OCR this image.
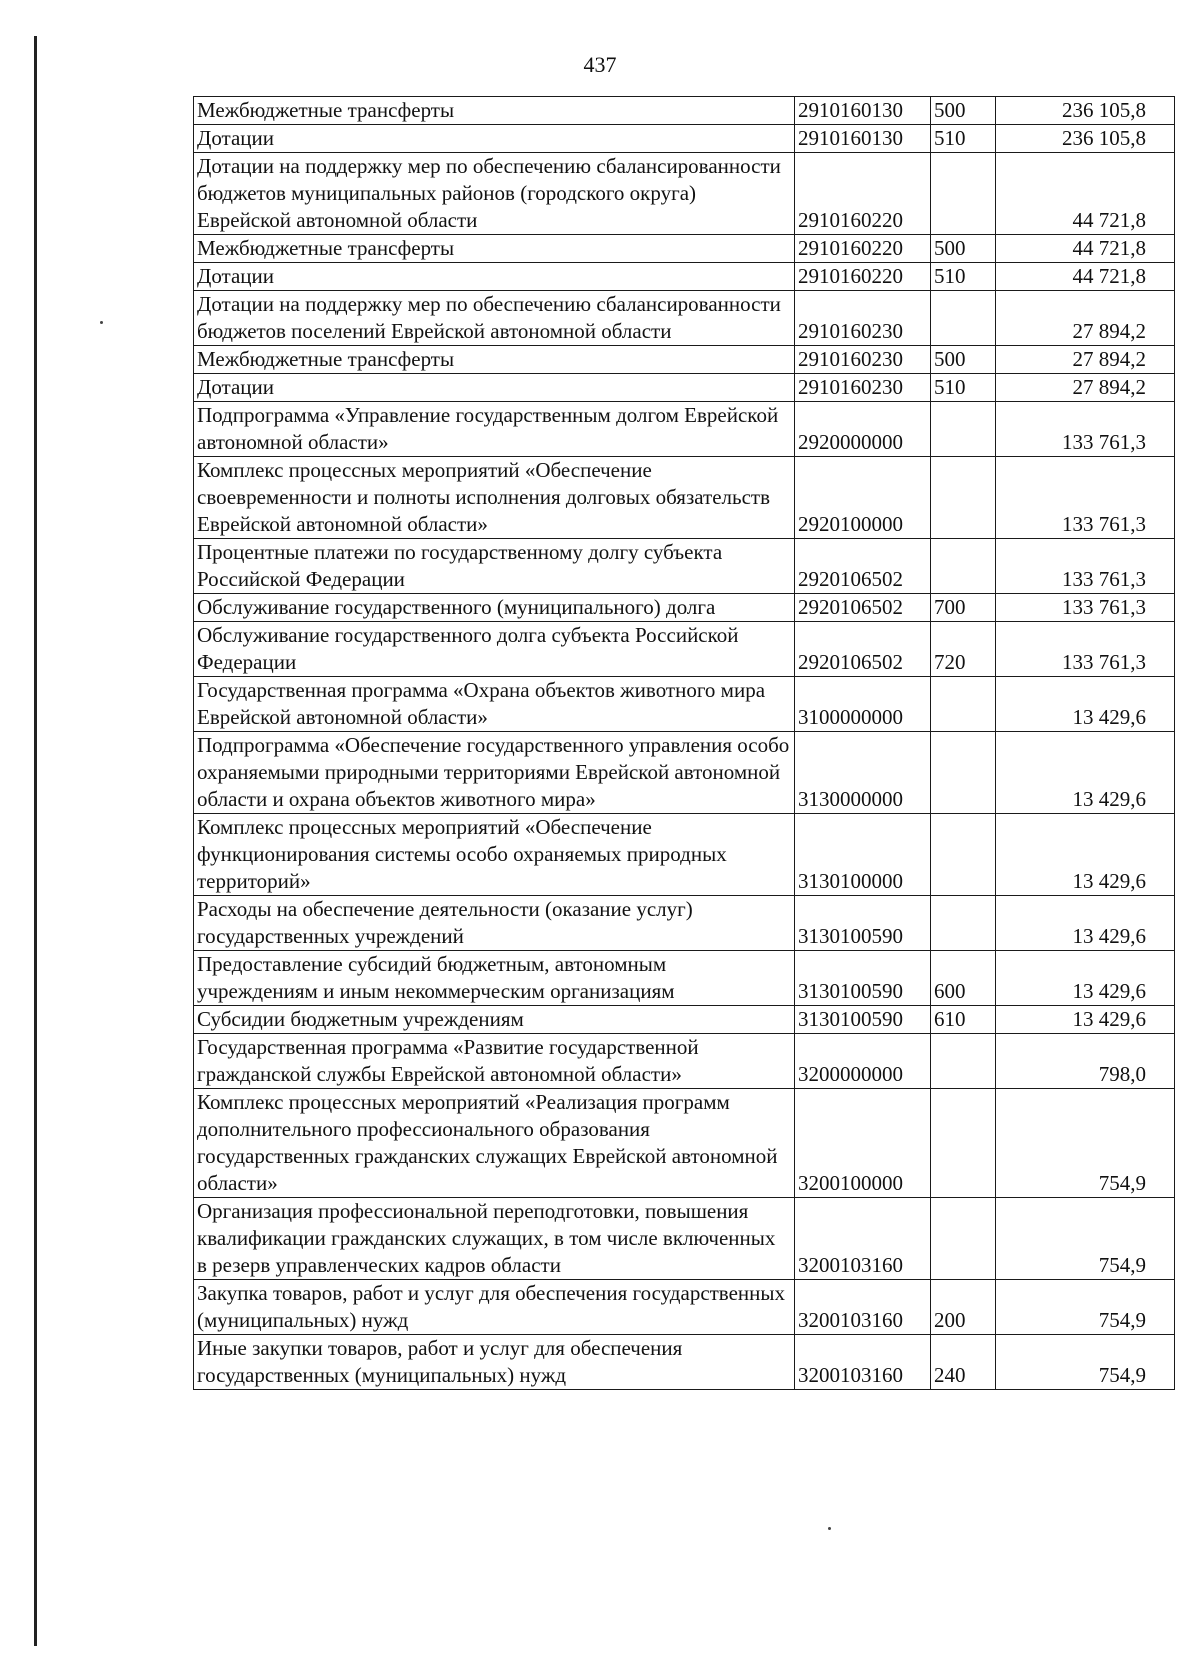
437
Межбюджетные трансферты	2910160130	500	236 105,8
Дотации	2910160130	510	236 105,8
Дотации на поддержку мер по обеспечению сбалансированности бюджетов муниципальных районов (городского округа) Еврейской автономной области	2910160220		44 721,8
Межбюджетные трансферты	2910160220	500	44 721,8
Дотации	2910160220	510	44 721,8
Дотации на поддержку мер по обеспечению сбалансированности бюджетов поселений Еврейской автономной области	2910160230		27 894,2
Межбюджетные трансферты	2910160230	500	27 894,2
Дотации	2910160230	510	27 894,2
Подпрограмма «Управление государственным долгом Еврейской автономной области»	2920000000		133 761,3
Комплекс процессных мероприятий «Обеспечение своевременности и полноты исполнения долговых обязательств Еврейской автономной области»	2920100000		133 761,3
Процентные платежи по государственному долгу субъекта Российской Федерации	2920106502		133 761,3
Обслуживание государственного (муниципального) долга	2920106502	700	133 761,3
Обслуживание государственного долга субъекта Российской Федерации	2920106502	720	133 761,3
Государственная программа «Охрана объектов животного мира Еврейской автономной области»	3100000000		13 429,6
Подпрограмма «Обеспечение государственного управления особо охраняемыми природными территориями Еврейской автономной области и охрана объектов животного мира»	3130000000		13 429,6
Комплекс процессных мероприятий «Обеспечение функционирования системы особо охраняемых природных территорий»	3130100000		13 429,6
Расходы на обеспечение деятельности (оказание услуг) государственных учреждений	3130100590		13 429,6
Предоставление субсидий бюджетным, автономным учреждениям и иным некоммерческим организациям	3130100590	600	13 429,6
Субсидии бюджетным учреждениям	3130100590	610	13 429,6
Государственная программа «Развитие государственной гражданской службы Еврейской автономной области»	3200000000		798,0
Комплекс процессных мероприятий «Реализация программ дополнительного профессионального образования государственных гражданских служащих Еврейской автономной области»	3200100000		754,9
Организация профессиональной переподготовки, повышения квалификации гражданских служащих, в том числе включенных в резерв управленческих кадров области	3200103160		754,9
Закупка товаров, работ и услуг для обеспечения государственных (муниципальных) нужд	3200103160	200	754,9
Иные закупки товаров, работ и услуг для обеспечения государственных (муниципальных) нужд	3200103160	240	754,9
